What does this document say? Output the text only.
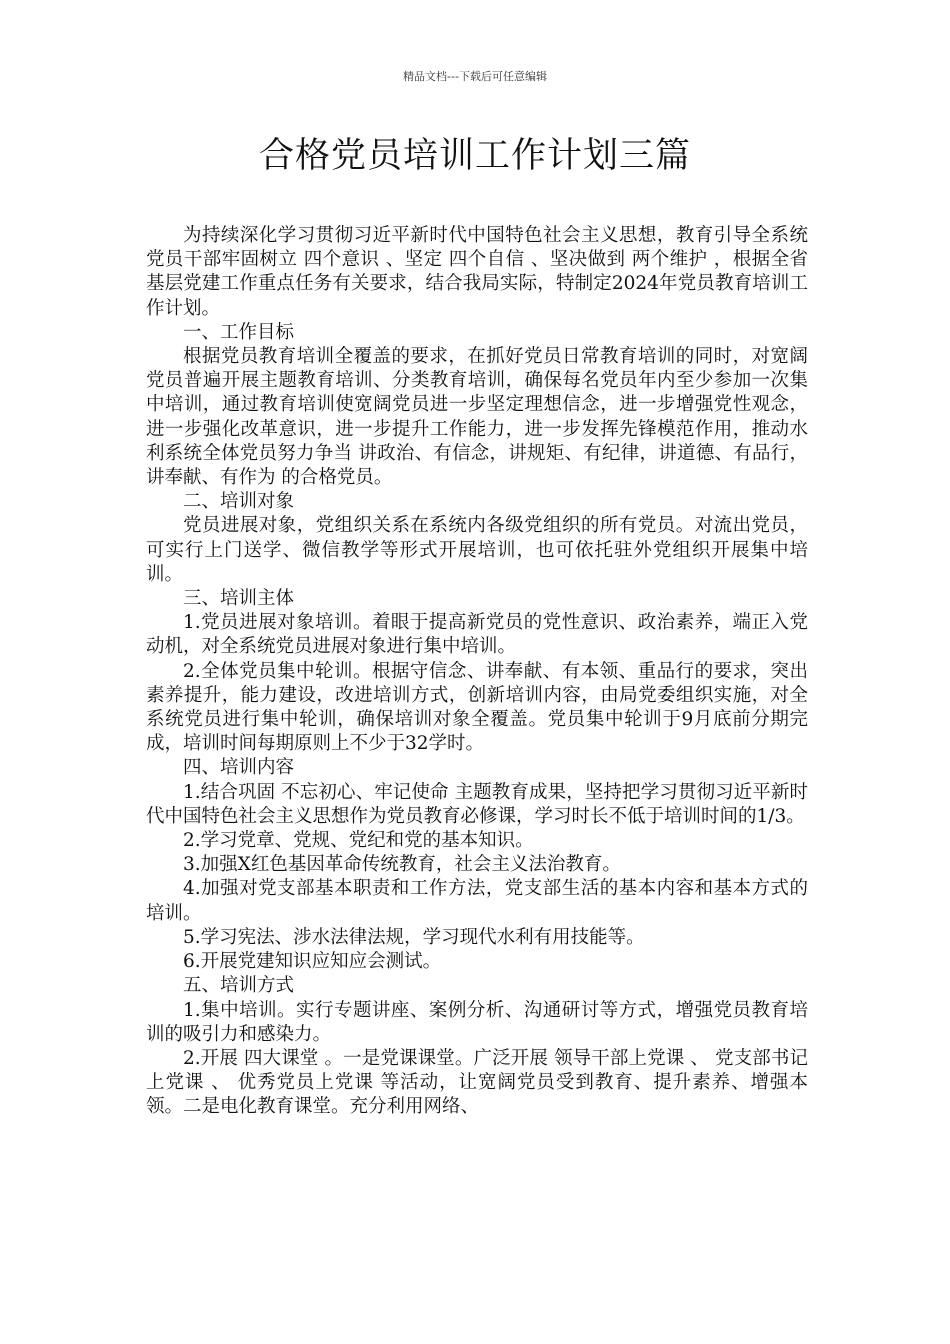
精品文档---下载后可任意编辑
合格党员培训工作计划三篇

为持续深化学习贯彻习近平新时代中国特色社会主义思想，教育引导全系统党员干部牢固树立 四个意识 、坚定 四个自信 、坚决做到 两个维护 ，根据全省基层党建工作重点任务有关要求，结合我局实际，特制定2024年党员教育培训工作计划。

一、工作目标

根据党员教育培训全覆盖的要求，在抓好党员日常教育培训的同时，对宽阔党员普遍开展主题教育培训、分类教育培训，确保每名党员年内至少参加一次集中培训，通过教育培训使宽阔党员进一步坚定理想信念，进一步增强党性观念，进一步强化改革意识，进一步提升工作能力，进一步发挥先锋模范作用，推动水利系统全体党员努力争当 讲政治、有信念，讲规矩、有纪律，讲道德、有品行，讲奉献、有作为 的合格党员。

二、培训对象

党员进展对象，党组织关系在系统内各级党组织的所有党员。对流出党员，可实行上门送学、微信教学等形式开展培训，也可依托驻外党组织开展集中培训。

三、培训主体

1.党员进展对象培训。着眼于提高新党员的党性意识、政治素养，端正入党动机，对全系统党员进展对象进行集中培训。

2.全体党员集中轮训。根据守信念、讲奉献、有本领、重品行的要求，突出素养提升，能力建设，改进培训方式，创新培训内容，由局党委组织实施，对全系统党员进行集中轮训，确保培训对象全覆盖。党员集中轮训于9月底前分期完成，培训时间每期原则上不少于32学时。

四、培训内容

1.结合巩固 不忘初心、牢记使命 主题教育成果，坚持把学习贯彻习近平新时代中国特色社会主义思想作为党员教育必修课，学习时长不低于培训时间的1/3。

2.学习党章、党规、党纪和党的基本知识。

3.加强X红色基因革命传统教育，社会主义法治教育。

4.加强对党支部基本职责和工作方法，党支部生活的基本内容和基本方式的培训。

5.学习宪法、涉水法律法规，学习现代水利有用技能等。

6.开展党建知识应知应会测试。

五、培训方式

1.集中培训。实行专题讲座、案例分析、沟通研讨等方式，增强党员教育培训的吸引力和感染力。

2.开展 四大课堂 。一是党课课堂。广泛开展 领导干部上党课 、 党支部书记上党课 、 优秀党员上党课 等活动，让宽阔党员受到教育、提升素养、增强本领。二是电化教育课堂。充分利用网络、
